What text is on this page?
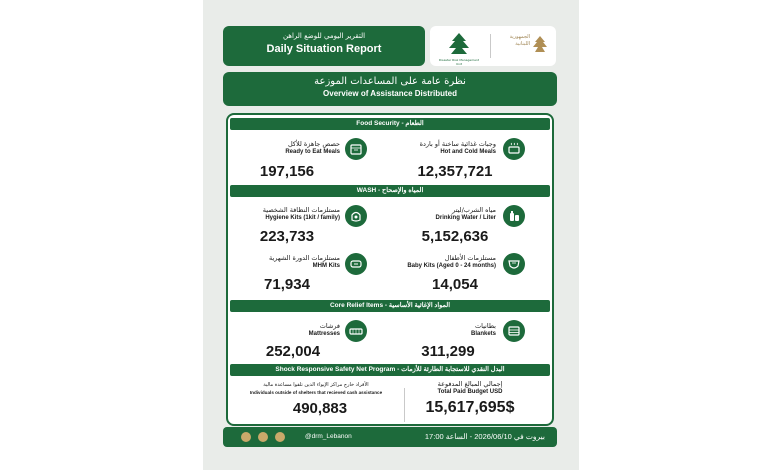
التقرير اليومي للوضع الراهن
Daily Situation Report
Disaster Risk Management Unit
الجمهورية اللبنانية
نظرة عامة على المساعدات الموزعة
Overview of Assistance Distributed
Food Security - الطعام
وجبات غذائية ساخنة أو باردة
Hot and Cold Meals
12,357,721
حصص جاهزة للأكل
Ready to Eat Meals
197,156
WASH - المياه والإصحاح
مياه الشرب/ليتر
Drinking Water / Liter
5,152,636
مستلزمات النظافة الشخصية
Hygiene Kits (1kit / family)
223,733
مستلزمات الأطفال
Baby Kits (Aged 0 - 24 months)
14,054
مستلزمات الدورة الشهرية
MHM Kits
71,934
Core Relief Items - المواد الإغاثية الأساسية
بطانيات
Blankets
311,299
فرشات
Mattresses
252,004
Shock Responsive Safety Net Program - البدل النقدي للاستجابة الطارئة للأزمات
إجمالي المبالغ المدفوعة
Total Paid Budget USD
15,617,695$
الأفراد خارج مراكز الإيواء الذين تلقوا مساعدة مالية
Individuals outside of shelters that recieved cash assistance
490,883
@drm_Lebanon	بيروت في 2026/06/10 - الساعة 17:00
